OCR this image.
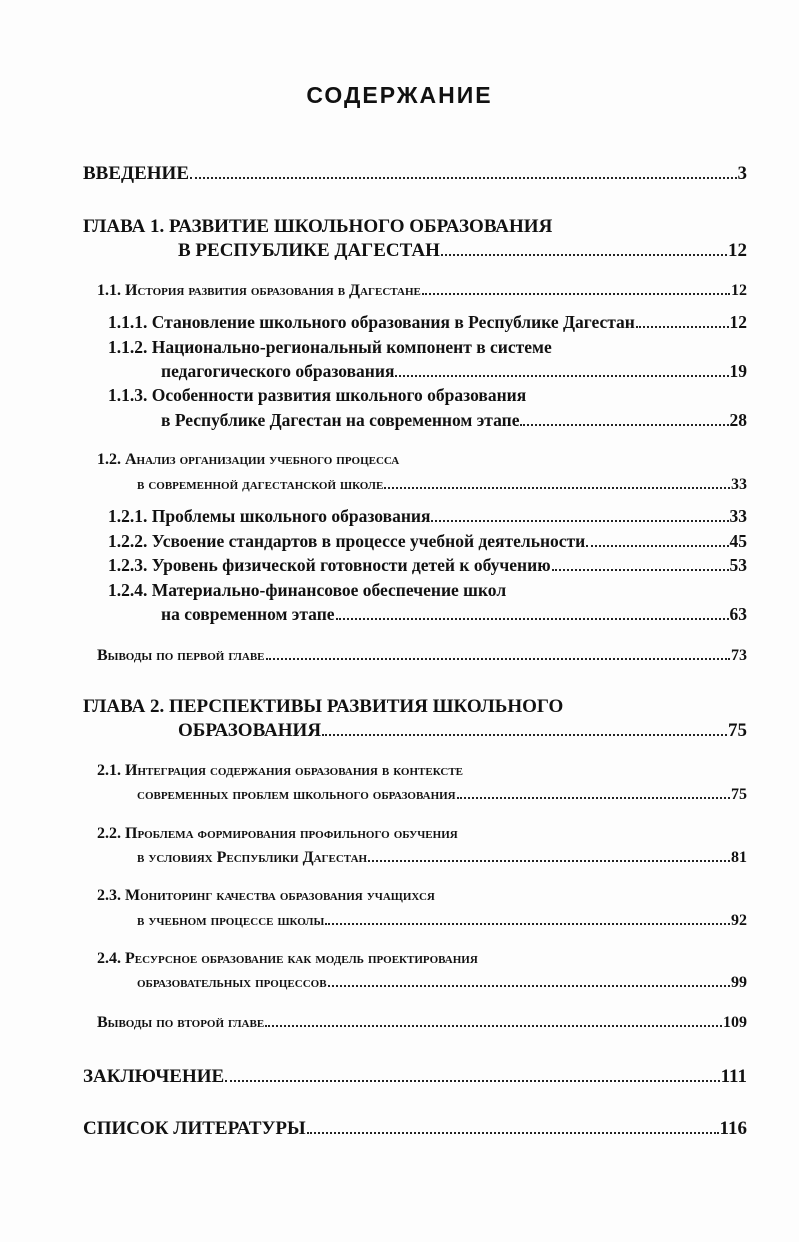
СОДЕРЖАНИЕ
ВВЕДЕНИЕ	3
ГЛАВА 1. РАЗВИТИЕ ШКОЛЬНОГО ОБРАЗОВАНИЯ
В РЕСПУБЛИКЕ ДАГЕСТАН	12
1.1. История развития образования в Дагестане	12
1.1.1. Становление школьного образования в Республике Дагестан	12
1.1.2. Национально-региональный компонент в системе
педагогического образования	19
1.1.3. Особенности развития школьного образования
в Республике Дагестан на современном этапе	28
1.2. Анализ организации учебного процесса
в современной дагестанской школе	33
1.2.1. Проблемы школьного образования	33
1.2.2. Усвоение стандартов в процессе учебной деятельности	45
1.2.3. Уровень физической готовности детей к обучению	53
1.2.4. Материально-финансовое обеспечение школ
на современном этапе	63
Выводы по первой главе	73
ГЛАВА 2. ПЕРСПЕКТИВЫ РАЗВИТИЯ ШКОЛЬНОГО
ОБРАЗОВАНИЯ	75
2.1. Интеграция содержания образования в контексте
современных проблем школьного образования	75
2.2. Проблема формирования профильного обучения
в условиях Республики Дагестан	81
2.3. Мониторинг качества образования учащихся
в учебном процессе школы	92
2.4. Ресурсное образование как модель проектирования
образовательных процессов	99
Выводы по второй главе	109
ЗАКЛЮЧЕНИЕ	111
СПИСОК ЛИТЕРАТУРЫ	116
